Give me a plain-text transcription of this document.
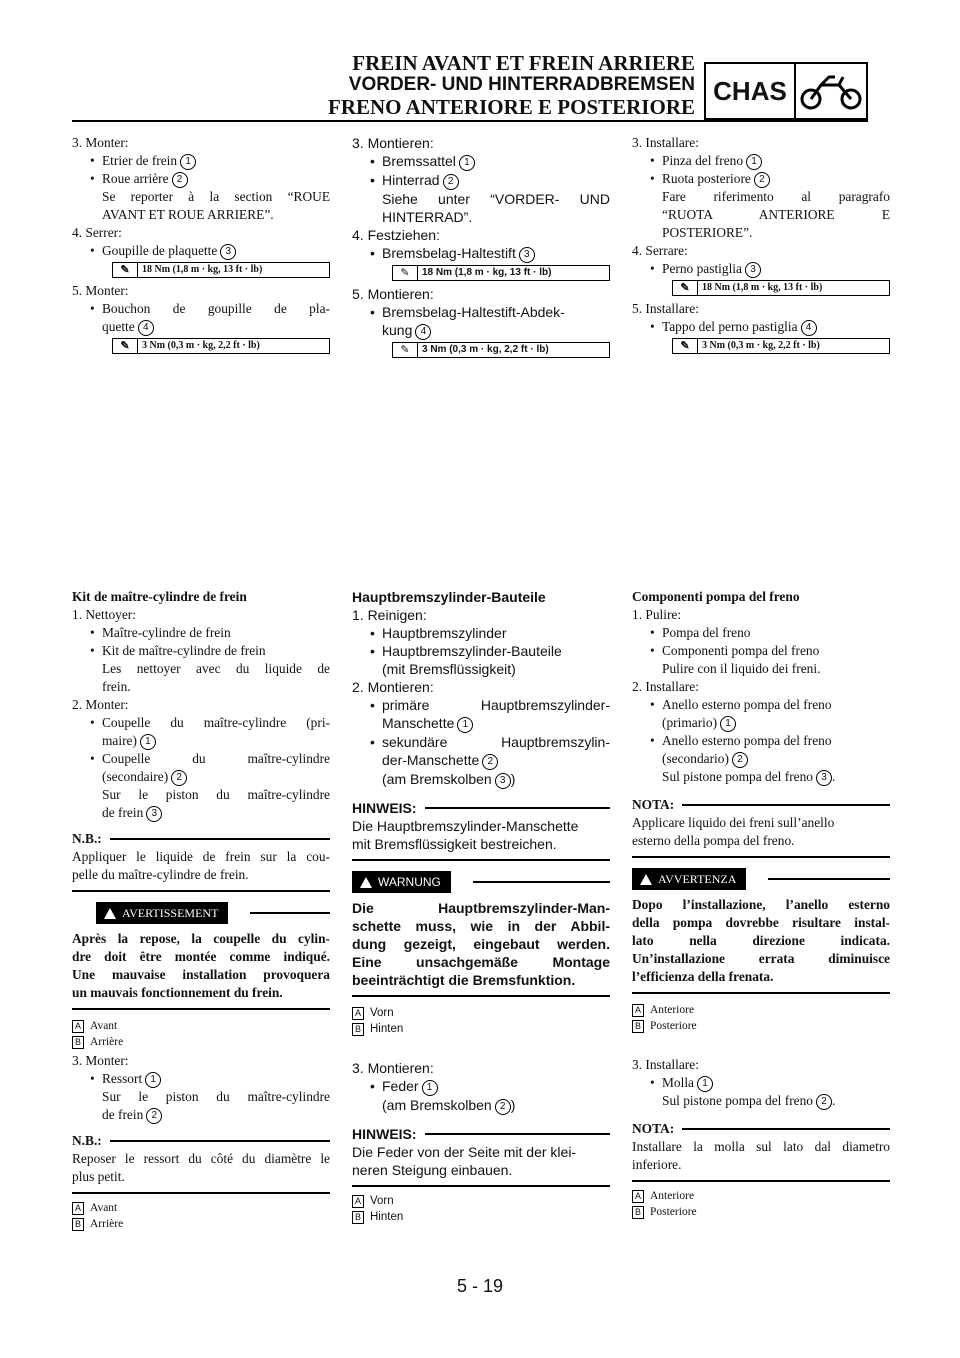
FREIN AVANT ET FREIN ARRIERE
VORDER- UND HINTERRADBREMSEN
FRENO ANTERIORE E POSTERIORE
CHAS
3. Monter:
• Etrier de frein 1
• Roue arrière 2
Se reporter à la section “ROUE
AVANT ET ROUE ARRIERE”.
4. Serrer:
• Goupille de plaquette 3
✎	18 Nm (1,8 m · kg, 13 ft · lb)
5. Monter:
• Bouchon de goupille de pla-
quette 4
✎	3 Nm (0,3 m · kg, 2,2 ft · lb)
3. Montieren:
• Bremssattel 1
• Hinterrad 2
Siehe unter “VORDER- UND
HINTERRAD”.
4. Festziehen:
• Bremsbelag-Haltestift 3
✎	18 Nm (1,8 m · kg, 13 ft · lb)
5. Montieren:
• Bremsbelag-Haltestift-Abdek-
kung 4
✎	3 Nm (0,3 m · kg, 2,2 ft · lb)
3. Installare:
• Pinza del freno 1
• Ruota posteriore 2
Fare riferimento al paragrafo
“RUOTA ANTERIORE E
POSTERIORE”.
4. Serrare:
• Perno pastiglia 3
✎	18 Nm (1,8 m · kg, 13 ft · lb)
5. Installare:
• Tappo del perno pastiglia 4
✎	3 Nm (0,3 m · kg, 2,2 ft · lb)
Kit de maître-cylindre de frein
1. Nettoyer:
• Maître-cylindre de frein
• Kit de maître-cylindre de frein
Les nettoyer avec du liquide de
frein.
2. Monter:
• Coupelle du maître-cylindre (pri-
maire) 1
• Coupelle du maître-cylindre
(secondaire) 2
Sur le piston du maître-cylindre
de frein 3
N.B.:
Appliquer le liquide de frein sur la cou-
pelle du maître-cylindre de frein.
AVERTISSEMENT
Après la repose, la coupelle du cylin-
dre doit être montée comme indiqué.
Une mauvaise installation provoquera
un mauvais fonctionnement du frein.
A Avant
B Arrière
3. Monter:
• Ressort 1
Sur le piston du maître-cylindre
de frein 2
N.B.:
Reposer le ressort du côté du diamètre le
plus petit.
A Avant
B Arrière
Hauptbremszylinder-Bauteile
1. Reinigen:
• Hauptbremszylinder
• Hauptbremszylinder-Bauteile
(mit Bremsflüssigkeit)
2. Montieren:
• primäre Hauptbremszylinder-
Manschette 1
• sekundäre Hauptbremszylin-
der-Manschette 2
(am Bremskolben 3 )
HINWEIS:
Die Hauptbremszylinder-Manschette
mit Bremsflüssigkeit bestreichen.
WARNUNG
Die Hauptbremszylinder-Man-
schette muss, wie in der Abbil-
dung gezeigt, eingebaut werden.
Eine unsachgemäße Montage
beeinträchtigt die Bremsfunktion.
A Vorn
B Hinten
3. Montieren:
• Feder 1
(am Bremskolben 2 )
HINWEIS:
Die Feder von der Seite mit der klei-
neren Steigung einbauen.
A Vorn
B Hinten
Componenti pompa del freno
1. Pulire:
• Pompa del freno
• Componenti pompa del freno
Pulire con il liquido dei freni.
2. Installare:
• Anello esterno pompa del freno
(primario) 1
• Anello esterno pompa del freno
(secondario) 2
Sul pistone pompa del freno 3 .
NOTA:
Applicare liquido dei freni sull’anello
esterno della pompa del freno.
AVVERTENZA
Dopo l’installazione, l’anello esterno
della pompa dovrebbe risultare instal-
lato nella direzione indicata.
Un’installazione errata diminuisce
l’efficienza della frenata.
A Anteriore
B Posteriore
3. Installare:
• Molla 1
Sul pistone pompa del freno 2 .
NOTA:
Installare la molla sul lato dal diametro
inferiore.
A Anteriore
B Posteriore
5 - 19
